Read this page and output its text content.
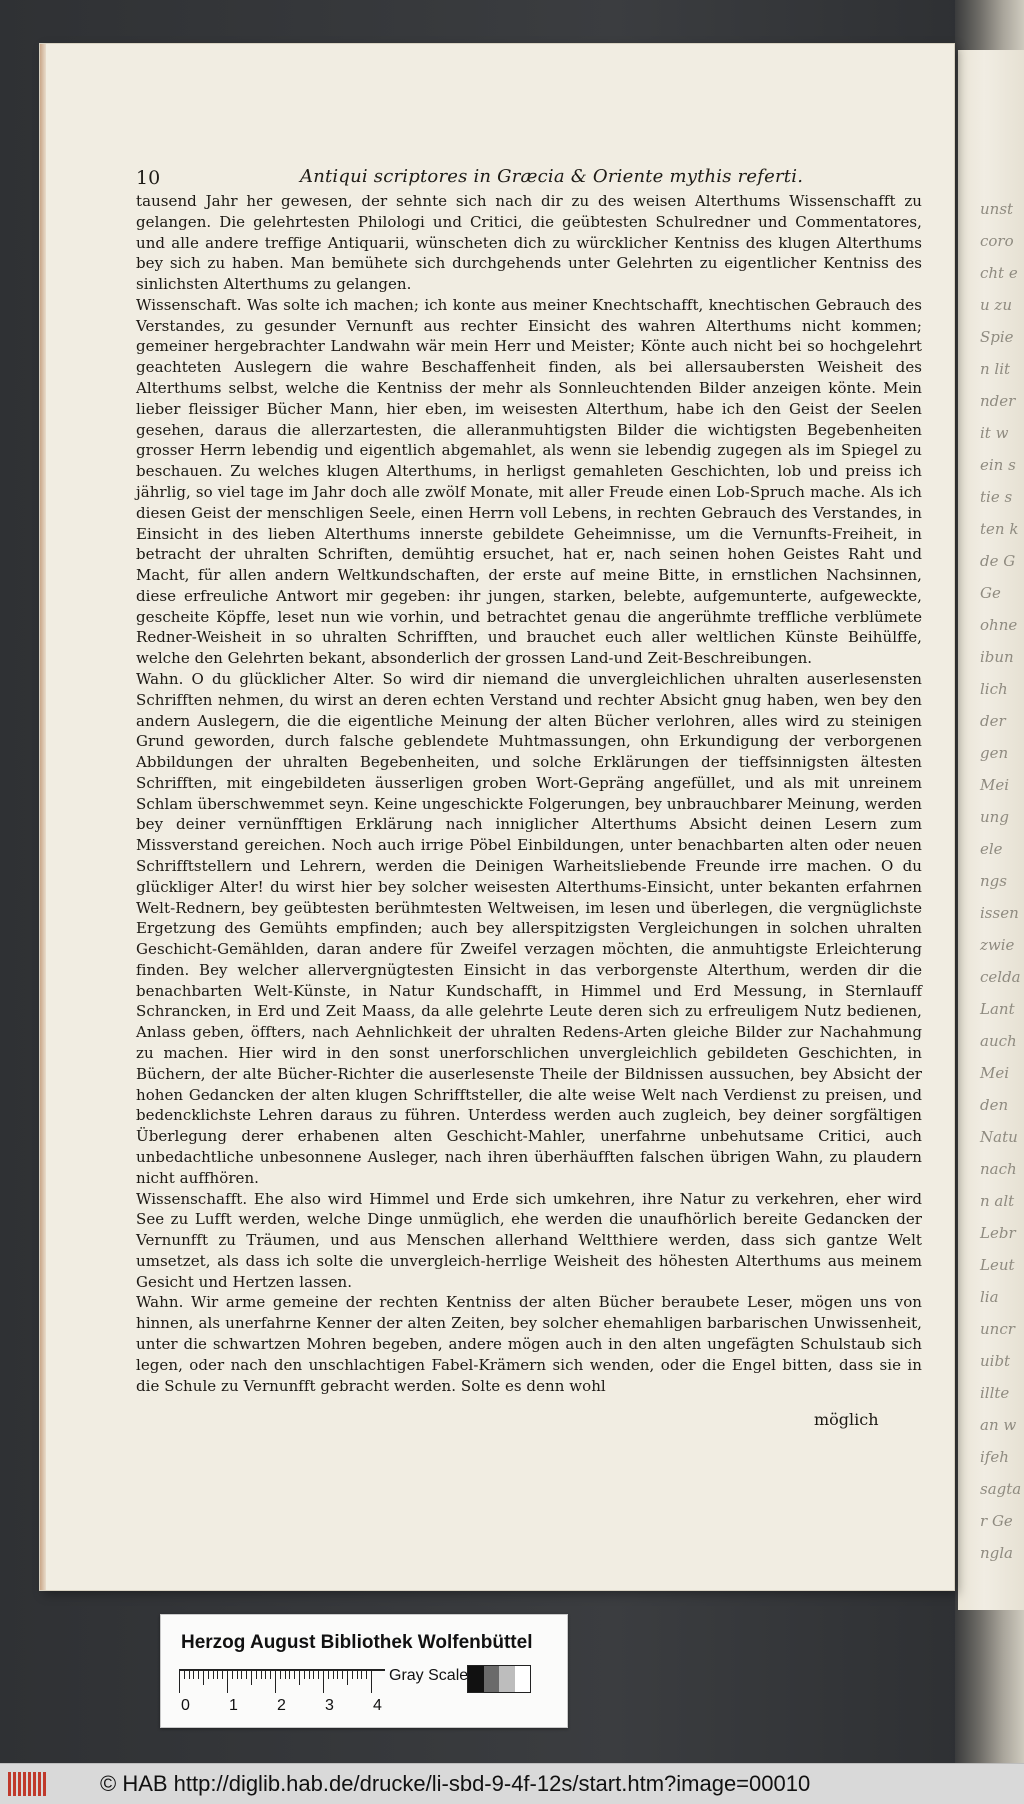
unst
coro
cht e
u zu
Spie
n lit
nder
it w
ein s
tie s
ten k
de G
Ge
ohne
ibun
lich
der
gen
Mei
ung
ele
ngs
issen
zwie
celda
Lant
auch
Mei
den
Natu
nach
n alt
Lebr
Leut
lia
uncr
uibt
illte
an w
ifeh
sagta
r Ge
ngla
10	Antiqui scriptores in Græcia & Oriente mythis referti.

tausend Jahr her gewesen, der sehnte sich nach dir zu des weisen Alterthums Wissenschafft zu gelangen. Die gelehrtesten Philologi und Critici, die geübtesten Schulredner und Commentatores, und alle andere treffige Antiquarii, wünscheten dich zu würcklicher Kentniss des klugen Alterthums bey sich zu haben. Man bemühete sich durchgehends unter Gelehrten zu eigentlicher Kentniss des sinlichsten Alterthums zu gelangen.

Wissenschaft. Was solte ich machen; ich konte aus meiner Knechtschafft, knechtischen Gebrauch des Verstandes, zu gesunder Vernunft aus rechter Einsicht des wahren Alterthums nicht kommen; gemeiner hergebrachter Landwahn wär mein Herr und Meister; Könte auch nicht bei so hochgelehrt geachteten Auslegern die wahre Beschaffenheit finden, als bei allersaubersten Weisheit des Alterthums selbst, welche die Kentniss der mehr als Sonnleuchtenden Bilder anzeigen könte. Mein lieber fleissiger Bücher Mann, hier eben, im weisesten Alterthum, habe ich den Geist der Seelen gesehen, daraus die allerzartesten, die alleranmuhtigsten Bilder die wichtigsten Begebenheiten grosser Herrn lebendig und eigentlich abgemahlet, als wenn sie lebendig zugegen als im Spiegel zu beschauen. Zu welches klugen Alterthums, in herligst gemahleten Geschichten, lob und preiss ich jährlig, so viel tage im Jahr doch alle zwölf Monate, mit aller Freude einen Lob-Spruch mache. Als ich diesen Geist der menschligen Seele, einen Herrn voll Lebens, in rechten Gebrauch des Verstandes, in Einsicht in des lieben Alterthums innerste gebildete Geheimnisse, um die Vernunfts-Freiheit, in betracht der uhralten Schriften, demühtig ersuchet, hat er, nach seinen hohen Geistes Raht und Macht, für allen andern Weltkundschaften, der erste auf meine Bitte, in ernstlichen Nachsinnen, diese erfreuliche Antwort mir gegeben: ihr jungen, starken, belebte, aufgemunterte, aufgeweckte, gescheite Köpffe, leset nun wie vorhin, und betrachtet genau die angerühmte treffliche verblümete Redner-Weisheit in so uhralten Schrifften, und brauchet euch aller weltlichen Künste Beihülffe, welche den Gelehrten bekant, absonderlich der grossen Land-und Zeit-Beschreibungen.

Wahn. O du glücklicher Alter. So wird dir niemand die unvergleichlichen uhralten auserlesensten Schrifften nehmen, du wirst an deren echten Verstand und rechter Absicht gnug haben, wen bey den andern Auslegern, die die eigentliche Meinung der alten Bücher verlohren, alles wird zu steinigen Grund geworden, durch falsche geblendete Muhtmassungen, ohn Erkundigung der verborgenen Abbildungen der uhralten Begebenheiten, und solche Erklärungen der tieffsinnigsten ältesten Schrifften, mit eingebildeten äusserligen groben Wort-Gepräng angefüllet, und als mit unreinem Schlam überschwemmet seyn. Keine ungeschickte Folgerungen, bey unbrauchbarer Meinung, werden bey deiner vernünfftigen Erklärung nach inniglicher Alterthums Absicht deinen Lesern zum Missverstand gereichen. Noch auch irrige Pöbel Einbildungen, unter benachbarten alten oder neuen Schrifftstellern und Lehrern, werden die Deinigen Warheitsliebende Freunde irre machen. O du glückliger Alter! du wirst hier bey solcher weisesten Alterthums-Einsicht, unter bekanten erfahrnen Welt-Rednern, bey geübtesten berühmtesten Weltweisen, im lesen und überlegen, die vergnüglichste Ergetzung des Gemühts empfinden; auch bey allerspitzigsten Vergleichungen in solchen uhralten Geschicht-Gemählden, daran andere für Zweifel verzagen möchten, die anmuhtigste Erleichterung finden. Bey welcher allervergnügtesten Einsicht in das verborgenste Alterthum, werden dir die benachbarten Welt-Künste, in Natur Kundschafft, in Himmel und Erd Messung, in Sternlauff Schrancken, in Erd und Zeit Maass, da alle gelehrte Leute deren sich zu erfreuligem Nutz bedienen, Anlass geben, öffters, nach Aehnlichkeit der uhralten Redens-Arten gleiche Bilder zur Nachahmung zu machen. Hier wird in den sonst unerforschlichen unvergleichlich gebildeten Geschichten, in Büchern, der alte Bücher-Richter die auserlesenste Theile der Bildnissen aussuchen, bey Absicht der hohen Gedancken der alten klugen Schrifftsteller, die alte weise Welt nach Verdienst zu preisen, und bedencklichste Lehren daraus zu führen. Unterdess werden auch zugleich, bey deiner sorgfältigen Überlegung derer erhabenen alten Geschicht-Mahler, unerfahrne unbehutsame Critici, auch unbedachtliche unbesonnene Ausleger, nach ihren überhäufften falschen übrigen Wahn, zu plaudern nicht auffhören.

Wissenschafft. Ehe also wird Himmel und Erde sich umkehren, ihre Natur zu verkehren, eher wird See zu Lufft werden, welche Dinge unmüglich, ehe werden die unaufhörlich bereite Gedancken der Vernunfft zu Träumen, und aus Menschen allerhand Weltthiere werden, dass sich gantze Welt umsetzet, als dass ich solte die unvergleich-herrlige Weisheit des höhesten Alterthums aus meinem Gesicht und Hertzen lassen.

Wahn. Wir arme gemeine der rechten Kentniss der alten Bücher beraubete Leser, mögen uns von hinnen, als unerfahrne Kenner der alten Zeiten, bey solcher ehemahligen barbarischen Unwissenheit, unter die schwartzen Mohren begeben, andere mögen auch in den alten ungefägten Schulstaub sich legen, oder nach den unschlachtigen Fabel-Krämern sich wenden, oder die Engel bitten, dass sie in die Schule zu Vernunfft gebracht werden. Solte es denn wohl

möglich
Herzog August Bibliothek Wolfenbüttel
0 1 2 3 4
Gray Scale
© HAB http://diglib.hab.de/drucke/li-sbd-9-4f-12s/start.htm?image=00010
